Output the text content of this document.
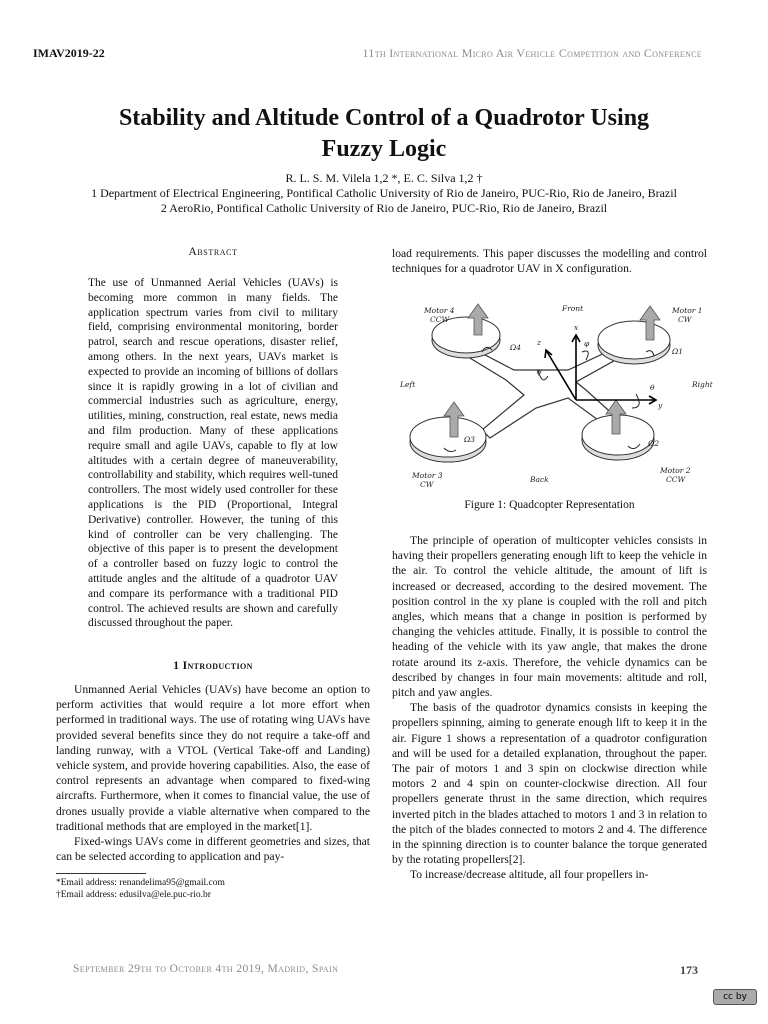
IMAV2019-22	11th International Micro Air Vehicle Competition and Conference
Stability and Altitude Control of a Quadrotor Using
Fuzzy Logic
R. L. S. M. Vilela 1,2 *, E. C. Silva 1,2 †
1 Department of Electrical Engineering, Pontifical Catholic University of Rio de Janeiro, PUC-Rio, Rio de Janeiro, Brazil
2 AeroRio, Pontifical Catholic University of Rio de Janeiro, PUC-Rio, Rio de Janeiro, Brazil
Abstract
The use of Unmanned Aerial Vehicles (UAVs) is becoming more common in many fields. The application spectrum varies from civil to military field, comprising environmental monitoring, border patrol, search and rescue operations, disaster relief, among others. In the next years, UAVs market is expected to provide an incoming of billions of dollars since it is rapidly growing in a lot of civilian and commercial industries such as agriculture, energy, utilities, mining, construction, real estate, news media and film production. Many of these applications require small and agile UAVs, capable to fly at low altitudes with a certain degree of maneuverability, controllability and stability, which requires well-tuned controllers. The most widely used controller for these applications is the PID (Proportional, Integral Derivative) controller. However, the tuning of this kind of controller can be very challenging. The objective of this paper is to present the development of a controller based on fuzzy logic to control the attitude angles and the altitude of a quadrotor UAV and compare its performance with a traditional PID control. The achieved results are shown and carefully discussed throughout the paper.
1 Introduction

Unmanned Aerial Vehicles (UAVs) have become an option to perform activities that would require a lot more effort when performed in traditional ways. The use of rotating wing UAVs have provided several benefits since they do not require a take-off and landing runway, with a VTOL (Vertical Take-off and Landing) vehicle system, and provide hovering capabilities. Also, the ease of control represents an advantage when compared to fixed-wing aircrafts. Furthermore, when it comes to financial value, the use of drones usually provide a viable alternative when compared to the traditional methods that are employed in the market[1].

Fixed-wings UAVs come in different geometries and sizes, that can be selected according to application and pay-

*Email address: renandelima95@gmail.com
†Email address: edusilva@ele.puc-rio.br
load requirements. This paper discusses the modelling and control techniques for a quadrotor UAV in X configuration.
Motor 4
CCW
Motor 1
CW
Motor 3
CW
Motor 2
CCW
Front
Back
Left	Right
x
y
z	φ
θ
ψ
Ω1
Ω2
Ω3
Ω4
Figure 1: Quadcopter Representation

The principle of operation of multicopter vehicles consists in having their propellers generating enough lift to keep the vehicle in the air. To control the vehicle altitude, the amount of lift is increased or decreased, according to the desired movement. The position control in the xy plane is coupled with the roll and pitch angles, which means that a change in position is performed by changing the vehicles attitude. Finally, it is possible to control the heading of the vehicle with its yaw angle, that makes the drone rotate around its z-axis. Therefore, the vehicle dynamics can be described by changes in four main movements: altitude and roll, pitch and yaw angles.

The basis of the quadrotor dynamics consists in keeping the propellers spinning, aiming to generate enough lift to keep it in the air. Figure 1 shows a representation of a quadrotor configuration and will be used for a detailed explanation, throughout the paper. The pair of motors 1 and 3 spin on clockwise direction while motors 2 and 4 spin on counter-clockwise direction. All four propellers generate thrust in the same direction, which requires inverted pitch in the blades attached to motors 1 and 3 in relation to the pitch of the blades connected to motors 2 and 4. The difference in the spinning direction is to counter balance the torque generated by the rotating propellers[2].

To increase/decrease altitude, all four propellers in-

September 29th to October 4th 2019, Madrid, Spain	173
cc by
